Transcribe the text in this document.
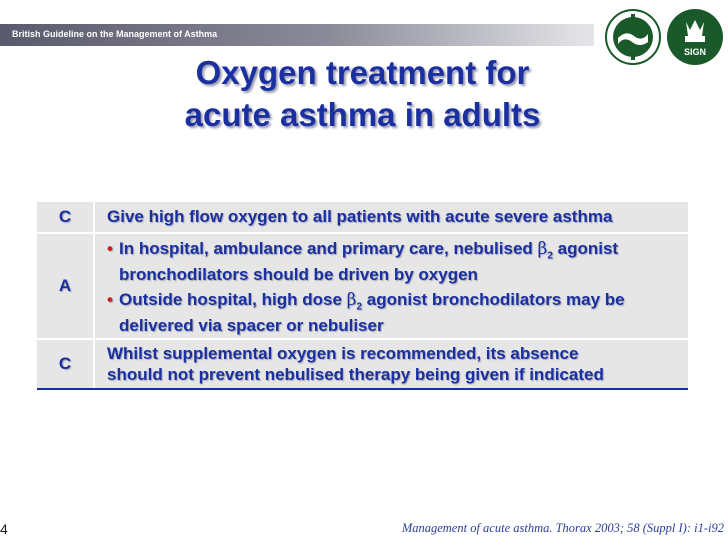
British Guideline on the Management of Asthma
SIGN
Oxygen treatment for
acute asthma in adults
C Give high flow oxygen to all patients with acute severe asthma
A
• In hospital, ambulance and primary care, nebulised $\beta_2$ agonist
bronchodilators should be driven by oxygen
• Outside hospital, high dose $\beta_2$ agonist bronchodilators may be
delivered via spacer or nebuliser
C
Whilst supplemental oxygen is recommended, its absence
should not prevent nebulised therapy being given if indicated
4	Management of acute asthma. Thorax 2003; 58 (Suppl I): i1-i92
